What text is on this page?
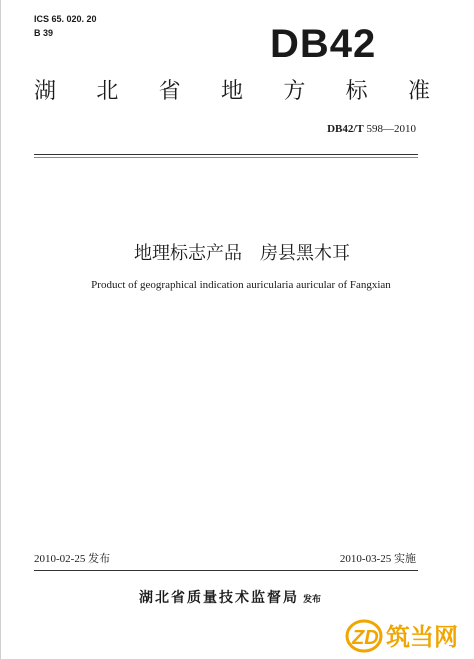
ICS 65. 020. 20
B 39	DB42
湖 北 省 地 方 标 准
DB42/T 598—2010
地理标志产品 房县黑木耳
Product of geographical indication auricularia auricular of Fangxian
2010-02-25 发布	2010-03-25 实施
湖北省质量技术监督局 发布
ZD 筑当网
